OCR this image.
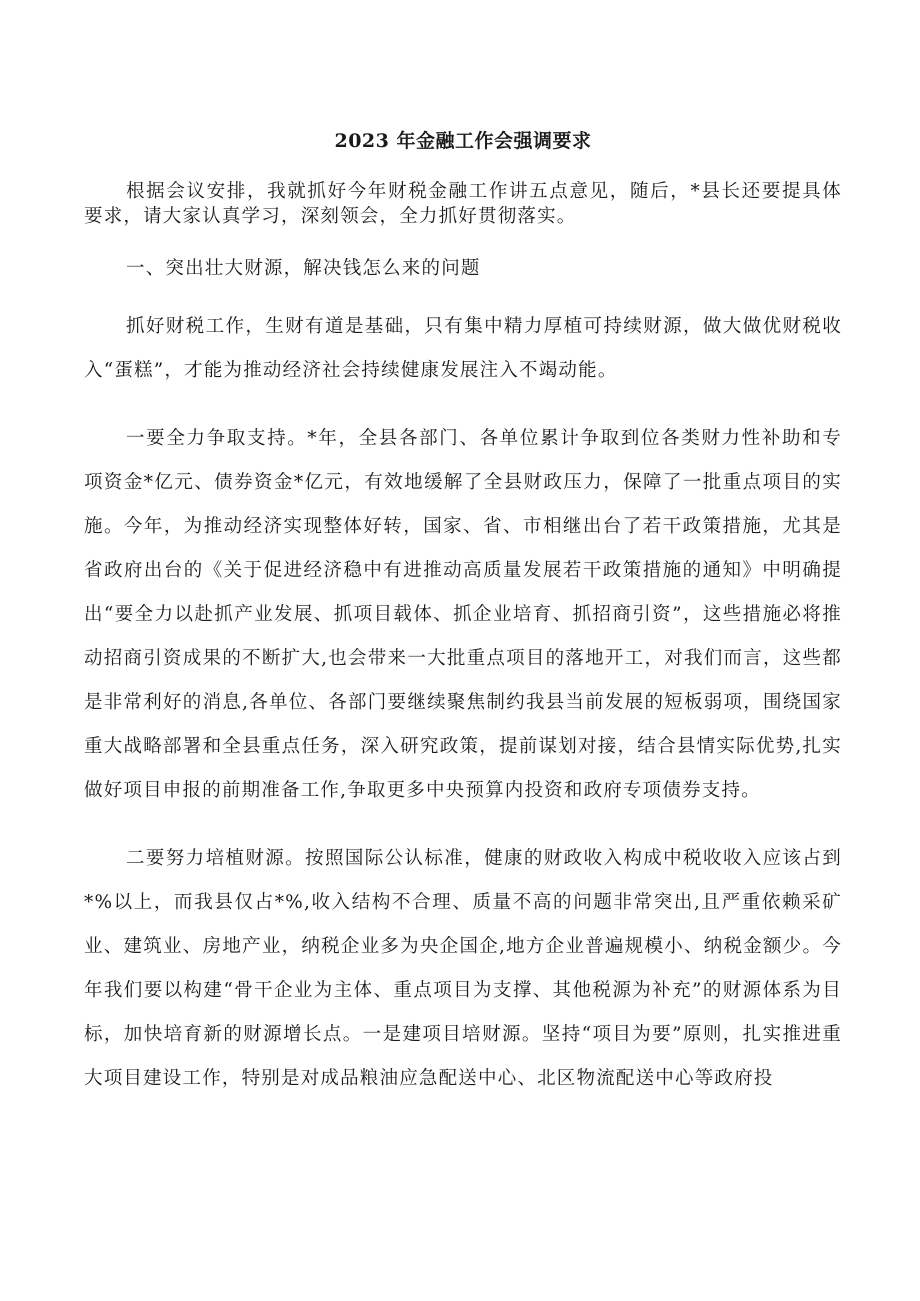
2023 年金融工作会强调要求

根据会议安排，我就抓好今年财税金融工作讲五点意见，随后，*县长还要提具体要求，请大家认真学习，深刻领会，全力抓好贯彻落实。

一、突出壮大财源，解决钱怎么来的问题

抓好财税工作，生财有道是基础，只有集中精力厚植可持续财源，做大做优财税收入“蛋糕”，才能为推动经济社会持续健康发展注入不竭动能。

一要全力争取支持。*年，全县各部门、各单位累计争取到位各类财力性补助和专项资金*亿元、债券资金*亿元，有效地缓解了全县财政压力，保障了一批重点项目的实施。今年，为推动经济实现整体好转，国家、省、市相继出台了若干政策措施，尤其是省政府出台的《关于促进经济稳中有进推动高质量发展若干政策措施的通知》中明确提出“要全力以赴抓产业发展、抓项目载体、抓企业培育、抓招商引资”，这些措施必将推动招商引资成果的不断扩大,也会带来一大批重点项目的落地开工，对我们而言，这些都是非常利好的消息,各单位、各部门要继续聚焦制约我县当前发展的短板弱项，围绕国家重大战略部署和全县重点任务，深入研究政策，提前谋划对接，结合县情实际优势,扎实做好项目申报的前期准备工作,争取更多中央预算内投资和政府专项债券支持。

二要努力培植财源。按照国际公认标准，健康的财政收入构成中税收收入应该占到*%以上，而我县仅占*%,收入结构不合理、质量不高的问题非常突出,且严重依赖采矿业、建筑业、房地产业，纳税企业多为央企国企,地方企业普遍规模小、纳税金额少。今年我们要以构建“骨干企业为主体、重点项目为支撑、其他税源为补充”的财源体系为目标，加快培育新的财源增长点。一是建项目培财源。坚持“项目为要”原则，扎实推进重大项目建设工作，特别是对成品粮油应急配送中心、北区物流配送中心等政府投
